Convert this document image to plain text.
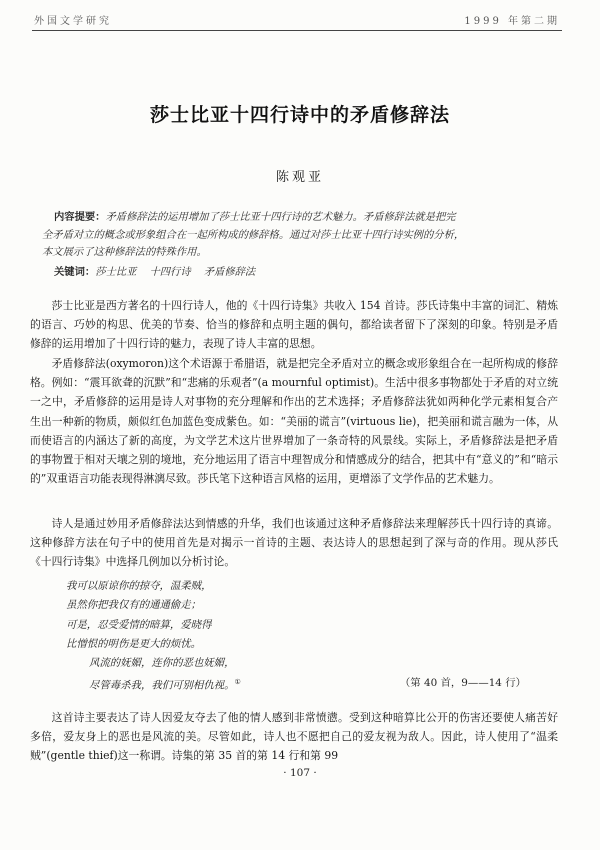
外国文学研究	1999 年第二期
莎士比亚十四行诗中的矛盾修辞法
陈观亚
内容提要：矛盾修辞法的运用增加了莎士比亚十四行诗的艺术魅力。矛盾修辞法就是把完
全矛盾对立的概念或形象组合在一起所构成的修辞格。通过对莎士比亚十四行诗实例的分析，
本文展示了这种修辞法的特殊作用。
关键词：莎士比亚    十四行诗    矛盾修辞法

莎士比亚是西方著名的十四行诗人，他的《十四行诗集》共收入 154 首诗。莎氏诗集中丰富的词汇、精炼的语言、巧妙的构思、优美的节奏、恰当的修辞和点明主题的偶句，都给读者留下了深刻的印象。特别是矛盾修辞的运用增加了十四行诗的魅力，表现了诗人丰富的思想。

矛盾修辞法(oxymoron)这个术语源于希腊语，就是把完全矛盾对立的概念或形象组合在一起所构成的修辞格。例如：“震耳欲聋的沉默”和“悲痛的乐观者”(a mournful optimist)。生活中很多事物都处于矛盾的对立统一之中，矛盾修辞的运用是诗人对事物的充分理解和作出的艺术选择；矛盾修辞法犹如两种化学元素相复合产生出一种新的物质，颇似红色加蓝色变成紫色。如：“美丽的谎言”(virtuous lie)，把美丽和谎言融为一体，从而使语言的内涵达了新的高度，为文学艺术这片世界增加了一条奇特的风景线。实际上，矛盾修辞法是把矛盾的事物置于相对天壤之别的境地，充分地运用了语言中理智成分和情感成分的结合，把其中有“意义的”和“暗示的”双重语言功能表现得淋漓尽致。莎氏笔下这种语言风格的运用，更增添了文学作品的艺术魅力。

诗人是通过妙用矛盾修辞法达到情感的升华，我们也该通过这种矛盾修辞法来理解莎氏十四行诗的真谛。这种修辞方法在句子中的使用首先是对揭示一首诗的主题、表达诗人的思想起到了深与奇的作用。现从莎氏《十四行诗集》中选择几例加以分析讨论。

我可以原谅你的掠夺，温柔贼，
虽然你把我仅有的通通偷走；
可是，忍受爱情的暗算，爱晓得
比憎恨的明伤是更大的烦忧。
风流的妩媚，连你的恶也妩媚，
尽管毒杀我，我们可别相仇视。①	（第 40 首，9——14 行）

这首诗主要表达了诗人因爱友夺去了他的情人感到非常愤懑。受到这种暗算比公开的伤害还要使人痛苦好多倍，爱友身上的恶也是风流的美。尽管如此，诗人也不愿把自己的爱友视为敌人。因此，诗人使用了“温柔贼”(gentle thief)这一称谓。诗集的第 35 首的第 14 行和第 99

· 107 ·
